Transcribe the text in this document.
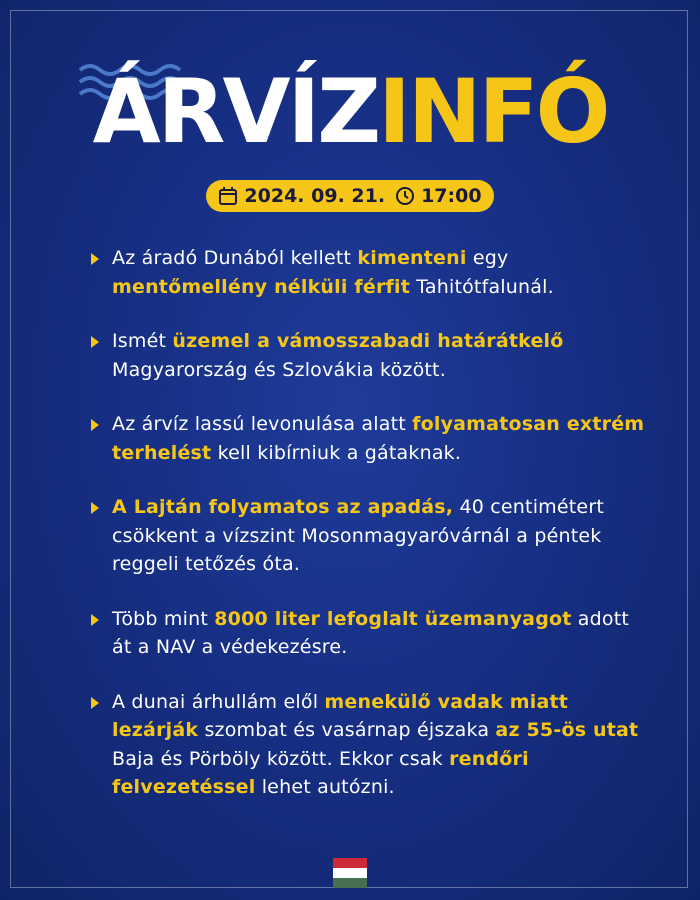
ÁRVÍZINFÓ
2024. 09. 21. 17:00
Az áradó Dunából kellett kimenteni egy mentőmellény nélküli férfit Tahitótfalunál.
Ismét üzemel a vámosszabadi határátkelő Magyarország és Szlovákia között.
Az árvíz lassú levonulása alatt folyamatosan extrém terhelést kell kibírniuk a gátaknak.
A Lajtán folyamatos az apadás, 40 centimétert csökkent a vízszint Mosonmagyaróvárnál a péntek reggeli tetőzés óta.
Több mint 8000 liter lefoglalt üzemanyagot adott át a NAV a védekezésre.
A dunai árhullám elől menekülő vadak miatt lezárják szombat és vasárnap éjszaka az 55-ös utat Baja és Pörböly között. Ekkor csak rendőri felvezetéssel lehet autózni.
